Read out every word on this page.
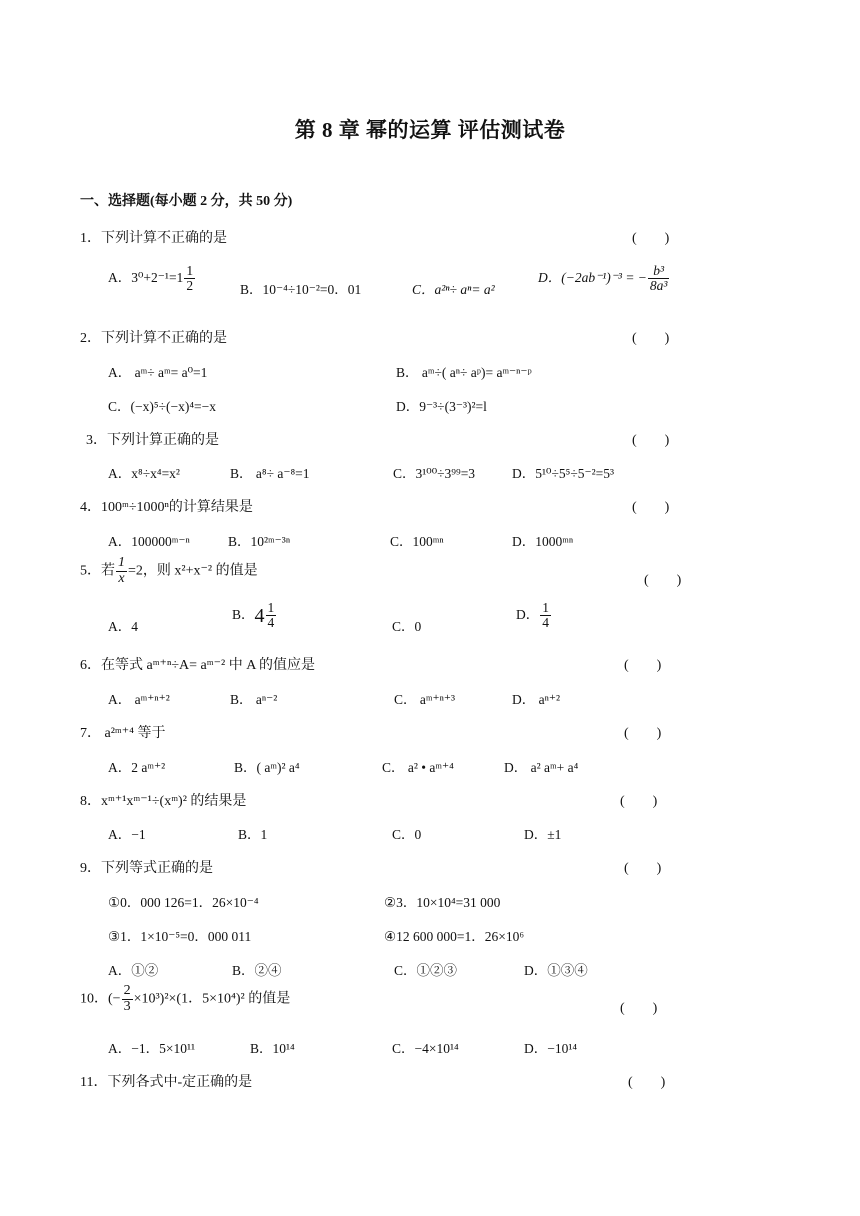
第 8 章 幂的运算 评估测试卷
一、选择题(每小题 2 分，共 50 分)
1．下列计算不正确的是	(　　)
A．$3^0+2^{-1}=1 \frac{1}{2}$	B．10⁻⁴÷10⁻²=0．01	C．a²ⁿ÷ aⁿ= a²
D．(−2ab⁻¹)⁻³ = − $\frac{\text{b³}}{\text{8a³}}$
2．下列计算不正确的是	(　　)
A． aᵐ÷ aᵐ= a⁰=1	B． aᵐ÷( aⁿ÷ aᵖ)= aᵐ⁻ⁿ⁻ᵖ
C．(−x)⁵÷(−x)⁴=−x	D．9⁻³÷(3⁻³)²=l
3．下列计算正确的是	(　　)
A．x⁸÷x⁴=x²	B． a⁸÷ a⁻⁸=1	C．3¹⁰⁰÷3⁹⁹=3	D．5¹⁰÷5⁵÷5⁻²=5³
4．100ᵐ÷1000ⁿ的计算结果是	(　　)
A．100000ᵐ⁻ⁿ	B．10²ᵐ⁻³ⁿ	C．100ᵐⁿ	D．1000ᵐⁿ
5．若 $\frac{1}{x} =2$，则 x²+x⁻² 的值是
(　　)
A．4
B．$4 \frac{1}{4}$	C．0
D． $\frac{1}{4}$
6．在等式 aᵐ⁺ⁿ÷A= aᵐ⁻² 中 A 的值应是	(　　)
A． aᵐ⁺ⁿ⁺²	B． aⁿ⁻²	C． aᵐ⁺ⁿ⁺³	D． aⁿ⁺²
7． a²ᵐ⁺⁴ 等于	(　　)
A．2 aᵐ⁺²	B．( aᵐ)² a⁴	C． a² • aᵐ⁺⁴	D． a² aᵐ+ a⁴
8．xᵐ⁺¹xᵐ⁻¹÷(xᵐ)² 的结果是	(　　)
A．−1	B．1	C．0	D．±1
9．下列等式正确的是	(　　)
①0．000 126=1．26×10⁻⁴	②3．10×10⁴=31 000
③1．1×10⁻⁵=0．000 011	④12 600 000=1．26×10⁶
A．①②	B．②④	C．①②③	D．①③④
10．(− $\frac{2}{3} \times 10^3)^2\times(1$．5×10⁴)² 的值是
(　　)
A．−1．5×10¹¹	B．10¹⁴	C．−4×10¹⁴	D．−10¹⁴
11．下列各式中-定正确的是	(　　)
